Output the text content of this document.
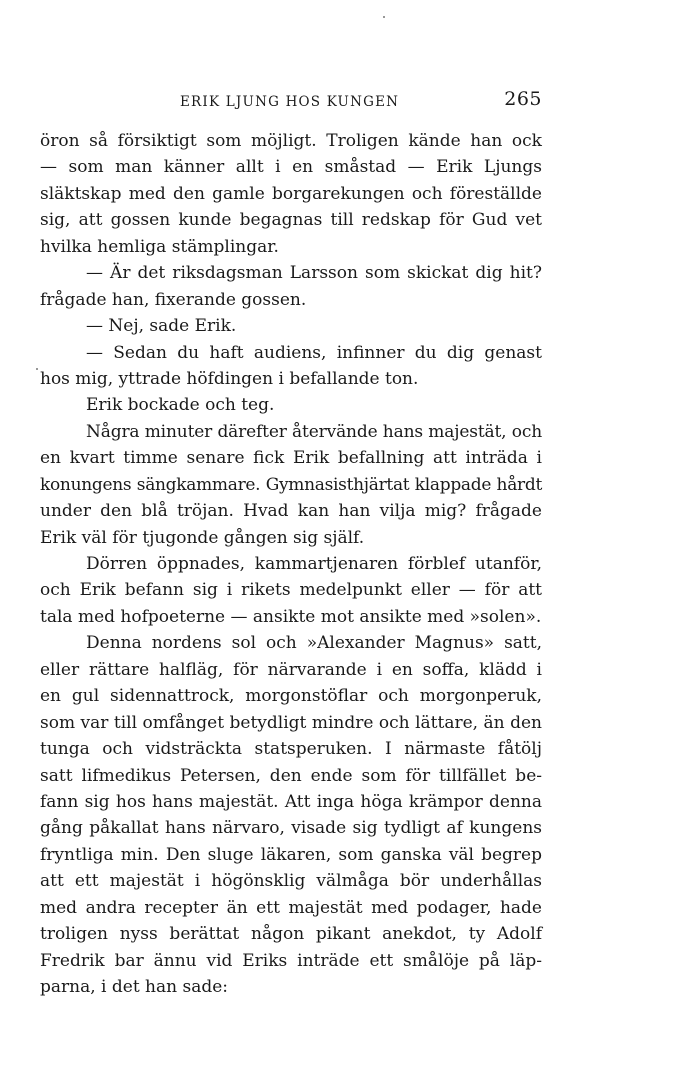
ERIK LJUNG HOS KUNGEN	265
öron så försiktigt som möjligt. Troligen kände han ock
— som man känner allt i en småstad — Erik Ljungs
släktskap med den gamle borgarekungen och föreställde
sig, att gossen kunde begagnas till redskap för Gud vet
hvilka hemliga stämplingar.
— Är det riksdagsman Larsson som skickat dig hit?
frågade han, fixerande gossen.
— Nej, sade Erik.
— Sedan du haft audiens, infinner du dig genast
hos mig, yttrade höfdingen i befallande ton.
Erik bockade och teg.
Några minuter därefter återvände hans majestät, och
en kvart timme senare fick Erik befallning att inträda i
konungens sängkammare. Gymnasisthjärtat klappade hårdt
under den blå tröjan. Hvad kan han vilja mig? frågade
Erik väl för tjugonde gången sig själf.
Dörren öppnades, kammartjenaren förblef utanför,
och Erik befann sig i rikets medelpunkt eller — för att
tala med hofpoeterne — ansikte mot ansikte med »solen».
Denna nordens sol och »Alexander Magnus» satt,
eller rättare halfläg, för närvarande i en soffa, klädd i
en gul sidennattrock, morgonstöflar och morgonperuk,
som var till omfånget betydligt mindre och lättare, än den
tunga och vidsträckta statsperuken. I närmaste fåtölj
satt lifmedikus Petersen, den ende som för tillfället be-
fann sig hos hans majestät. Att inga höga krämpor denna
gång påkallat hans närvaro, visade sig tydligt af kungens
fryntliga min. Den sluge läkaren, som ganska väl begrep
att ett majestät i högönsklig välmåga bör underhållas
med andra recepter än ett majestät med podager, hade
troligen nyss berättat någon pikant anekdot, ty Adolf
Fredrik bar ännu vid Eriks inträde ett smålöje på läp-
parna, i det han sade:
